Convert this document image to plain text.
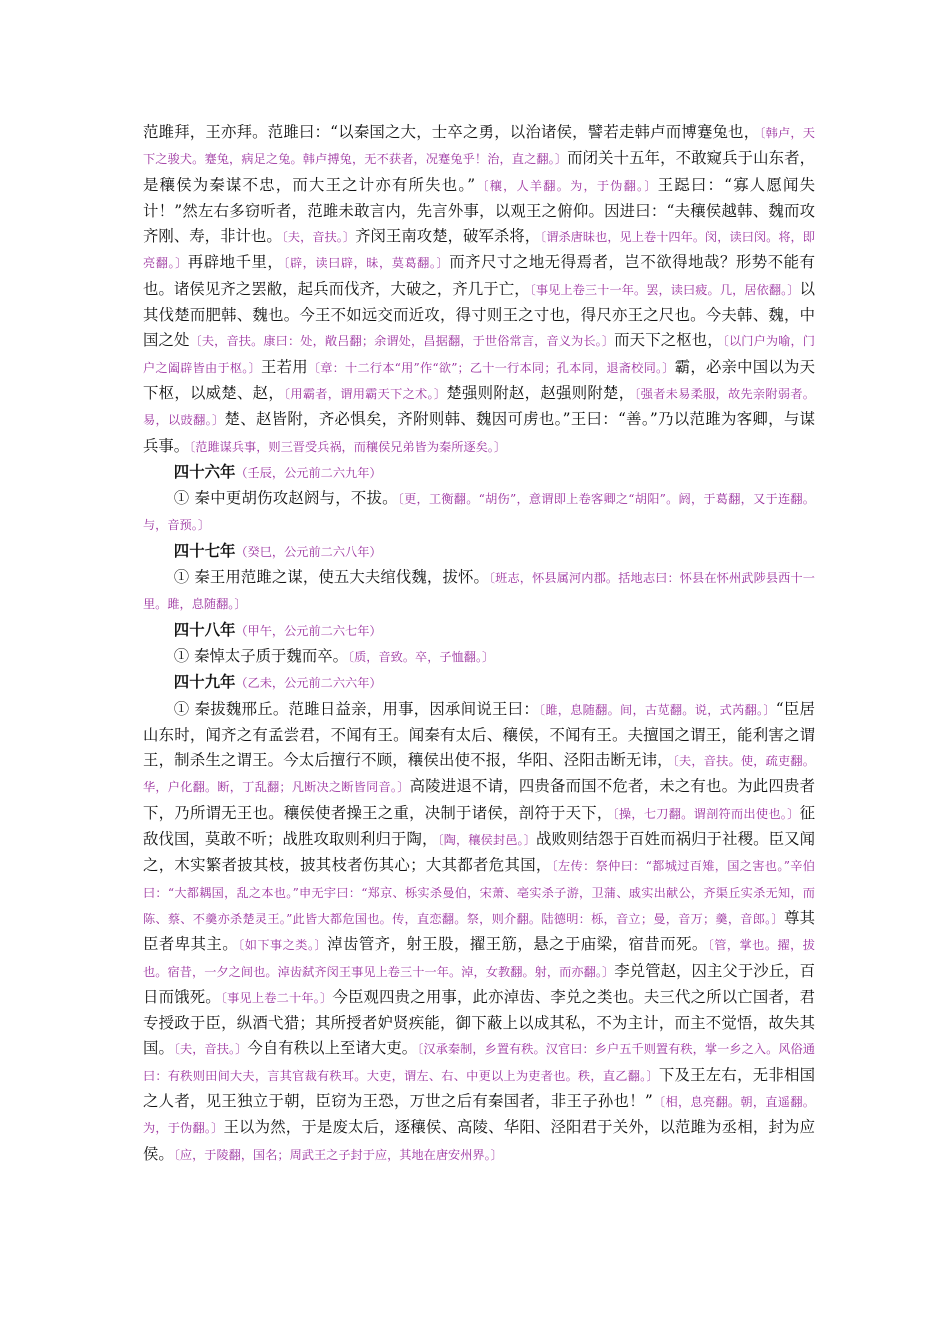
范雎拜，王亦拜。范雎曰：“以秦国之大，士卒之勇，以治诸侯，譬若走韩卢而博蹇兔也，〔韩卢，天下之骏犬。蹇兔，病足之兔。韩卢搏兔，无不获者，况蹇兔乎！治，直之翻。〕而闭关十五年，不敢窥兵于山东者，是穰侯为秦谋不忠，而大王之计亦有所失也。”〔穰，人羊翻。为，于伪翻。〕王跽曰：“寡人愿闻失计！”然左右多窃听者，范雎未敢言内，先言外事，以观王之俯仰。因进曰：“夫穰侯越韩、魏而攻齐刚、寿，非计也。〔夫，音扶。〕齐闵王南攻楚，破军杀将，〔谓杀唐昧也，见上卷十四年。闵，读曰闵。将，即亮翻。〕再辟地千里，〔辟，读曰辟，昧，莫葛翻。〕而齐尺寸之地无得焉者，岂不欲得地哉？形势不能有也。诸侯见齐之罢敝，起兵而伐齐，大破之，齐几于亡，〔事见上卷三十一年。罢，读曰疲。几，居依翻。〕以其伐楚而肥韩、魏也。今王不如远交而近攻，得寸则王之寸也，得尺亦王之尺也。今夫韩、魏，中国之处〔夫，音扶。康曰：处，敞吕翻；余谓处，昌据翻，于世俗常言，音义为长。〕而天下之枢也，〔以门户为喻，门户之阖辟皆由于枢。〕王若用〔章：十二行本“用”作“欲”；乙十一行本同；孔本同，退斋校同。〕霸，必亲中国以为天下枢，以威楚、赵，〔用霸者，谓用霸天下之术。〕楚强则附赵，赵强则附楚，〔强者未易柔服，故先亲附弱者。易，以豉翻。〕楚、赵皆附，齐必惧矣，齐附则韩、魏因可虏也。”王曰：“善。”乃以范雎为客卿，与谋兵事。〔范雎谋兵事，则三晋受兵祸，而穰侯兄弟皆为秦所逐矣。〕

四十六年（壬辰，公元前二六九年）

① 秦中更胡伤攻赵阏与，不拔。〔更，工衡翻。“胡伤”，意谓即上卷客卿之“胡阳”。阏，于葛翻，又于连翻。与，音预。〕

四十七年（癸巳，公元前二六八年）

① 秦王用范雎之谋，使五大夫绾伐魏，拔怀。〔班志，怀县属河内郡。括地志曰：怀县在怀州武陟县西十一里。雎，息随翻。〕

四十八年（甲午，公元前二六七年）

① 秦悼太子质于魏而卒。〔质，音致。卒，子恤翻。〕

四十九年（乙未，公元前二六六年）

① 秦拔魏邢丘。范雎日益亲，用事，因承间说王曰：〔雎，息随翻。间，古苋翻。说，式芮翻。〕“臣居山东时，闻齐之有孟尝君，不闻有王。闻秦有太后、穰侯，不闻有王。夫擅国之谓王，能利害之谓王，制杀生之谓王。今太后擅行不顾，穰侯出使不报，华阳、泾阳击断无讳，〔夫，音扶。使，疏吏翻。华，户化翻。断，丁乱翻；凡断决之断皆同音。〕高陵进退不请，四贵备而国不危者，未之有也。为此四贵者下，乃所谓无王也。穰侯使者操王之重，决制于诸侯，剖符于天下，〔操，七刀翻。谓剖符而出使也。〕征敌伐国，莫敢不听；战胜攻取则利归于陶，〔陶，穰侯封邑。〕战败则结怨于百姓而祸归于社稷。臣又闻之，木实繁者披其枝，披其枝者伤其心；大其都者危其国，〔左传：祭仲曰：“都城过百雉，国之害也。”辛伯曰：“大都耦国，乱之本也。”申无宇曰：“郑京、栎实杀曼伯，宋萧、亳实杀子游，卫蒲、戚实出献公，齐渠丘实杀无知，而陈、蔡、不羹亦杀楚灵王。”此皆大都危国也。传，直恋翻。祭，则介翻。陆德明：栎，音立；曼，音万；羹，音郎。〕尊其臣者卑其主。〔如下事之类。〕淖齿管齐，射王股，擢王筋，悬之于庙梁，宿昔而死。〔管，掌也。擢，拔也。宿昔，一夕之间也。淖齿弑齐闵王事见上卷三十一年。淖，女教翻。射，而亦翻。〕李兑管赵，囚主父于沙丘，百日而饿死。〔事见上卷二十年。〕今臣观四贵之用事，此亦淖齿、李兑之类也。夫三代之所以亡国者，君专授政于臣，纵酒弋猎；其所授者妒贤疾能，御下蔽上以成其私，不为主计，而主不觉悟，故失其国。〔夫，音扶。〕今自有秩以上至诸大吏。〔汉承秦制，乡置有秩。汉官曰：乡户五千则置有秩，掌一乡之入。风俗通曰：有秩则田间大夫，言其官裁有秩耳。大吏，谓左、右、中更以上为吏者也。秩，直乙翻。〕下及王左右，无非相国之人者，见王独立于朝，臣窃为王恐，万世之后有秦国者，非王子孙也！”〔相，息亮翻。朝，直遥翻。为，于伪翻。〕王以为然，于是废太后，逐穰侯、高陵、华阳、泾阳君于关外，以范雎为丞相，封为应侯。〔应，于陵翻，国名；周武王之子封于应，其地在唐安州界。〕
